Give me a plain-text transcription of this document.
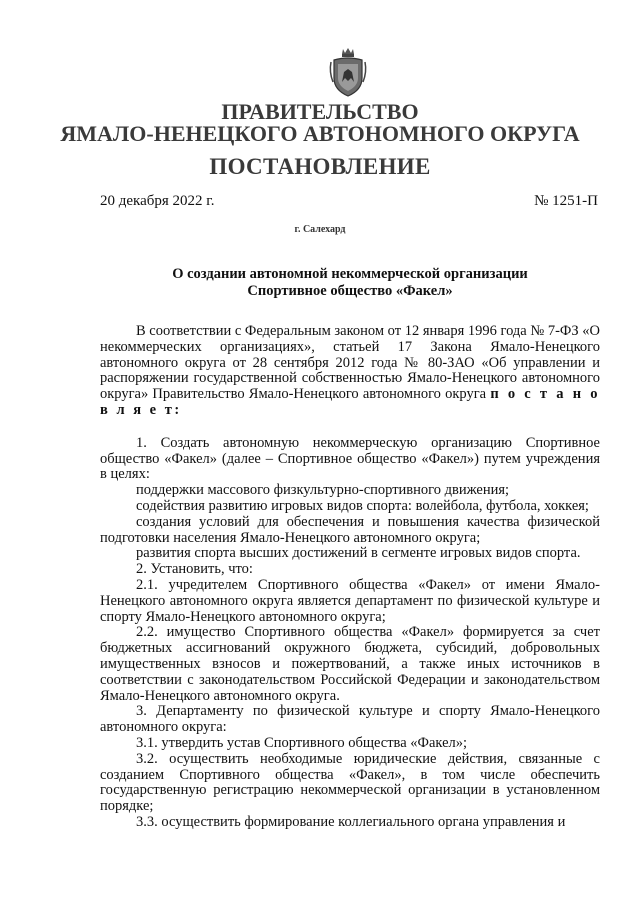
ПРАВИТЕЛЬСТВО
ЯМАЛО-НЕНЕЦКОГО АВТОНОМНОГО ОКРУГА
ПОСТАНОВЛЕНИЕ
20 декабря 2022 г.	№ 1251-П
г. Салехард
О создании автономной некоммерческой организации
Спортивное общество «Факел»

В соответствии с Федеральным законом от 12 января 1996 года № 7-ФЗ «О некоммерческих организациях», статьей 17 Закона Ямало-Ненецкого автономного округа от 28 сентября 2012 года № 80-ЗАО «Об управлении и распоряжении государственной собственностью Ямало-Ненецкого автономного округа» Правительство Ямало-Ненецкого автономного округа п о с т а н о в л я е т:

1. Создать автономную некоммерческую организацию Спортивное общество «Факел» (далее – Спортивное общество «Факел») путем учреждения в целях:

поддержки массового физкультурно-спортивного движения;

содействия развитию игровых видов спорта: волейбола, футбола, хоккея;

создания условий для обеспечения и повышения качества физической подготовки населения Ямало-Ненецкого автономного округа;

развития спорта высших достижений в сегменте игровых видов спорта.

2. Установить, что:

2.1. учредителем Спортивного общества «Факел» от имени Ямало-Ненецкого автономного округа является департамент по физической культуре и спорту Ямало-Ненецкого автономного округа;

2.2. имущество Спортивного общества «Факел» формируется за счет бюджетных ассигнований окружного бюджета, субсидий, добровольных имущественных взносов и пожертвований, а также иных источников в соответствии с законодательством Российской Федерации и законодательством Ямало-Ненецкого автономного округа.

3. Департаменту по физической культуре и спорту Ямало-Ненецкого автономного округа:

3.1. утвердить устав Спортивного общества «Факел»;

3.2. осуществить необходимые юридические действия, связанные с созданием Спортивного общества «Факел», в том числе обеспечить государственную регистрацию некоммерческой организации в установленном порядке;

3.3. осуществить формирование коллегиального органа управления и
